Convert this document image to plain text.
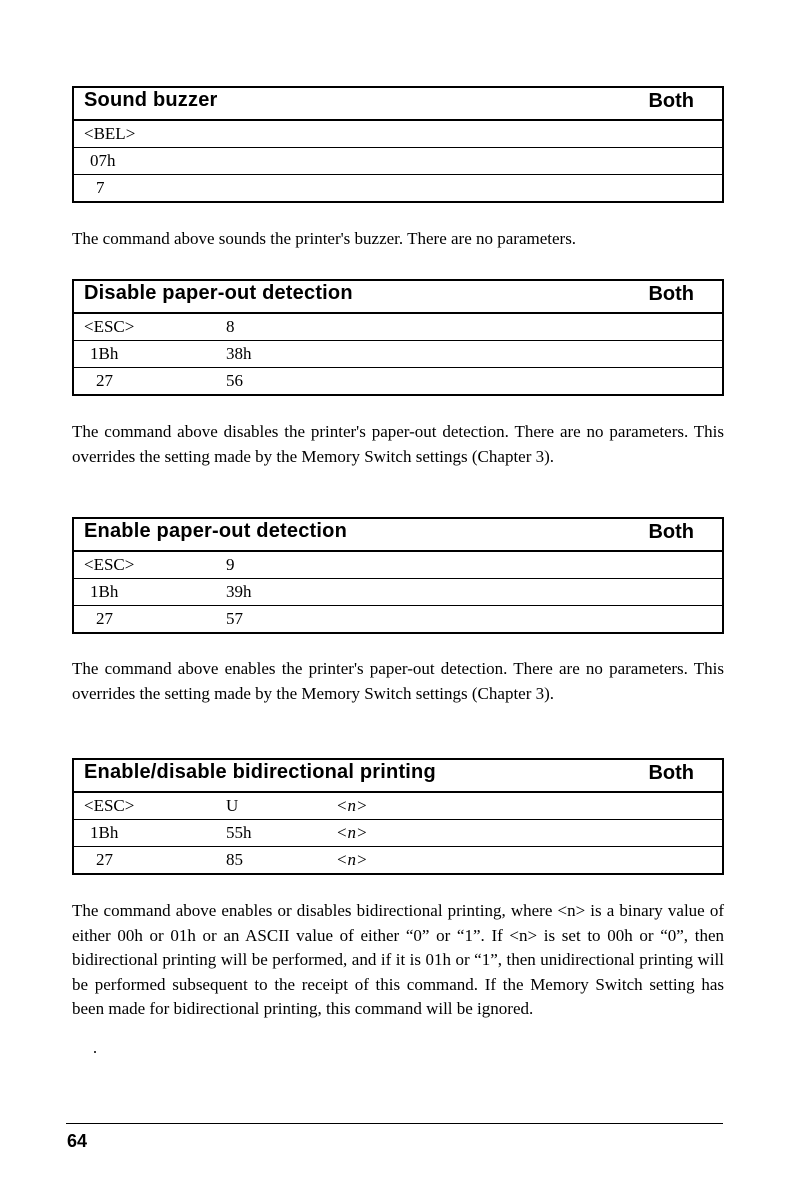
Sound buzzer	Both
<BEL>
07h
7

The command above sounds the printer's buzzer. There are no parameters.

Disable paper-out detection	Both
<ESC>	8
1Bh	38h
27	56

The command above disables the printer's paper-out detection. There are no parameters. This overrides the setting made by the Memory Switch settings (Chapter 3).

Enable paper-out detection	Both
<ESC>	9
1Bh	39h
27	57

The command above enables the printer's paper-out detection. There are no parameters. This overrides the setting made by the Memory Switch settings (Chapter 3).

Enable/disable bidirectional printing	Both
<ESC>	U	<n>
1Bh	55h	<n>
27	85	<n>

The command above enables or disables bidirectional printing, where <n> is a binary value of either 00h or 01h or an ASCII value of either “0” or “1”. If <n> is set to 00h or “0”, then bidirectional printing will be performed, and if it is 01h or “1”, then unidirectional printing will be performed subsequent to the receipt of this command. If the Memory Switch setting has been made for bidirectional printing, this command will be ignored.

64
